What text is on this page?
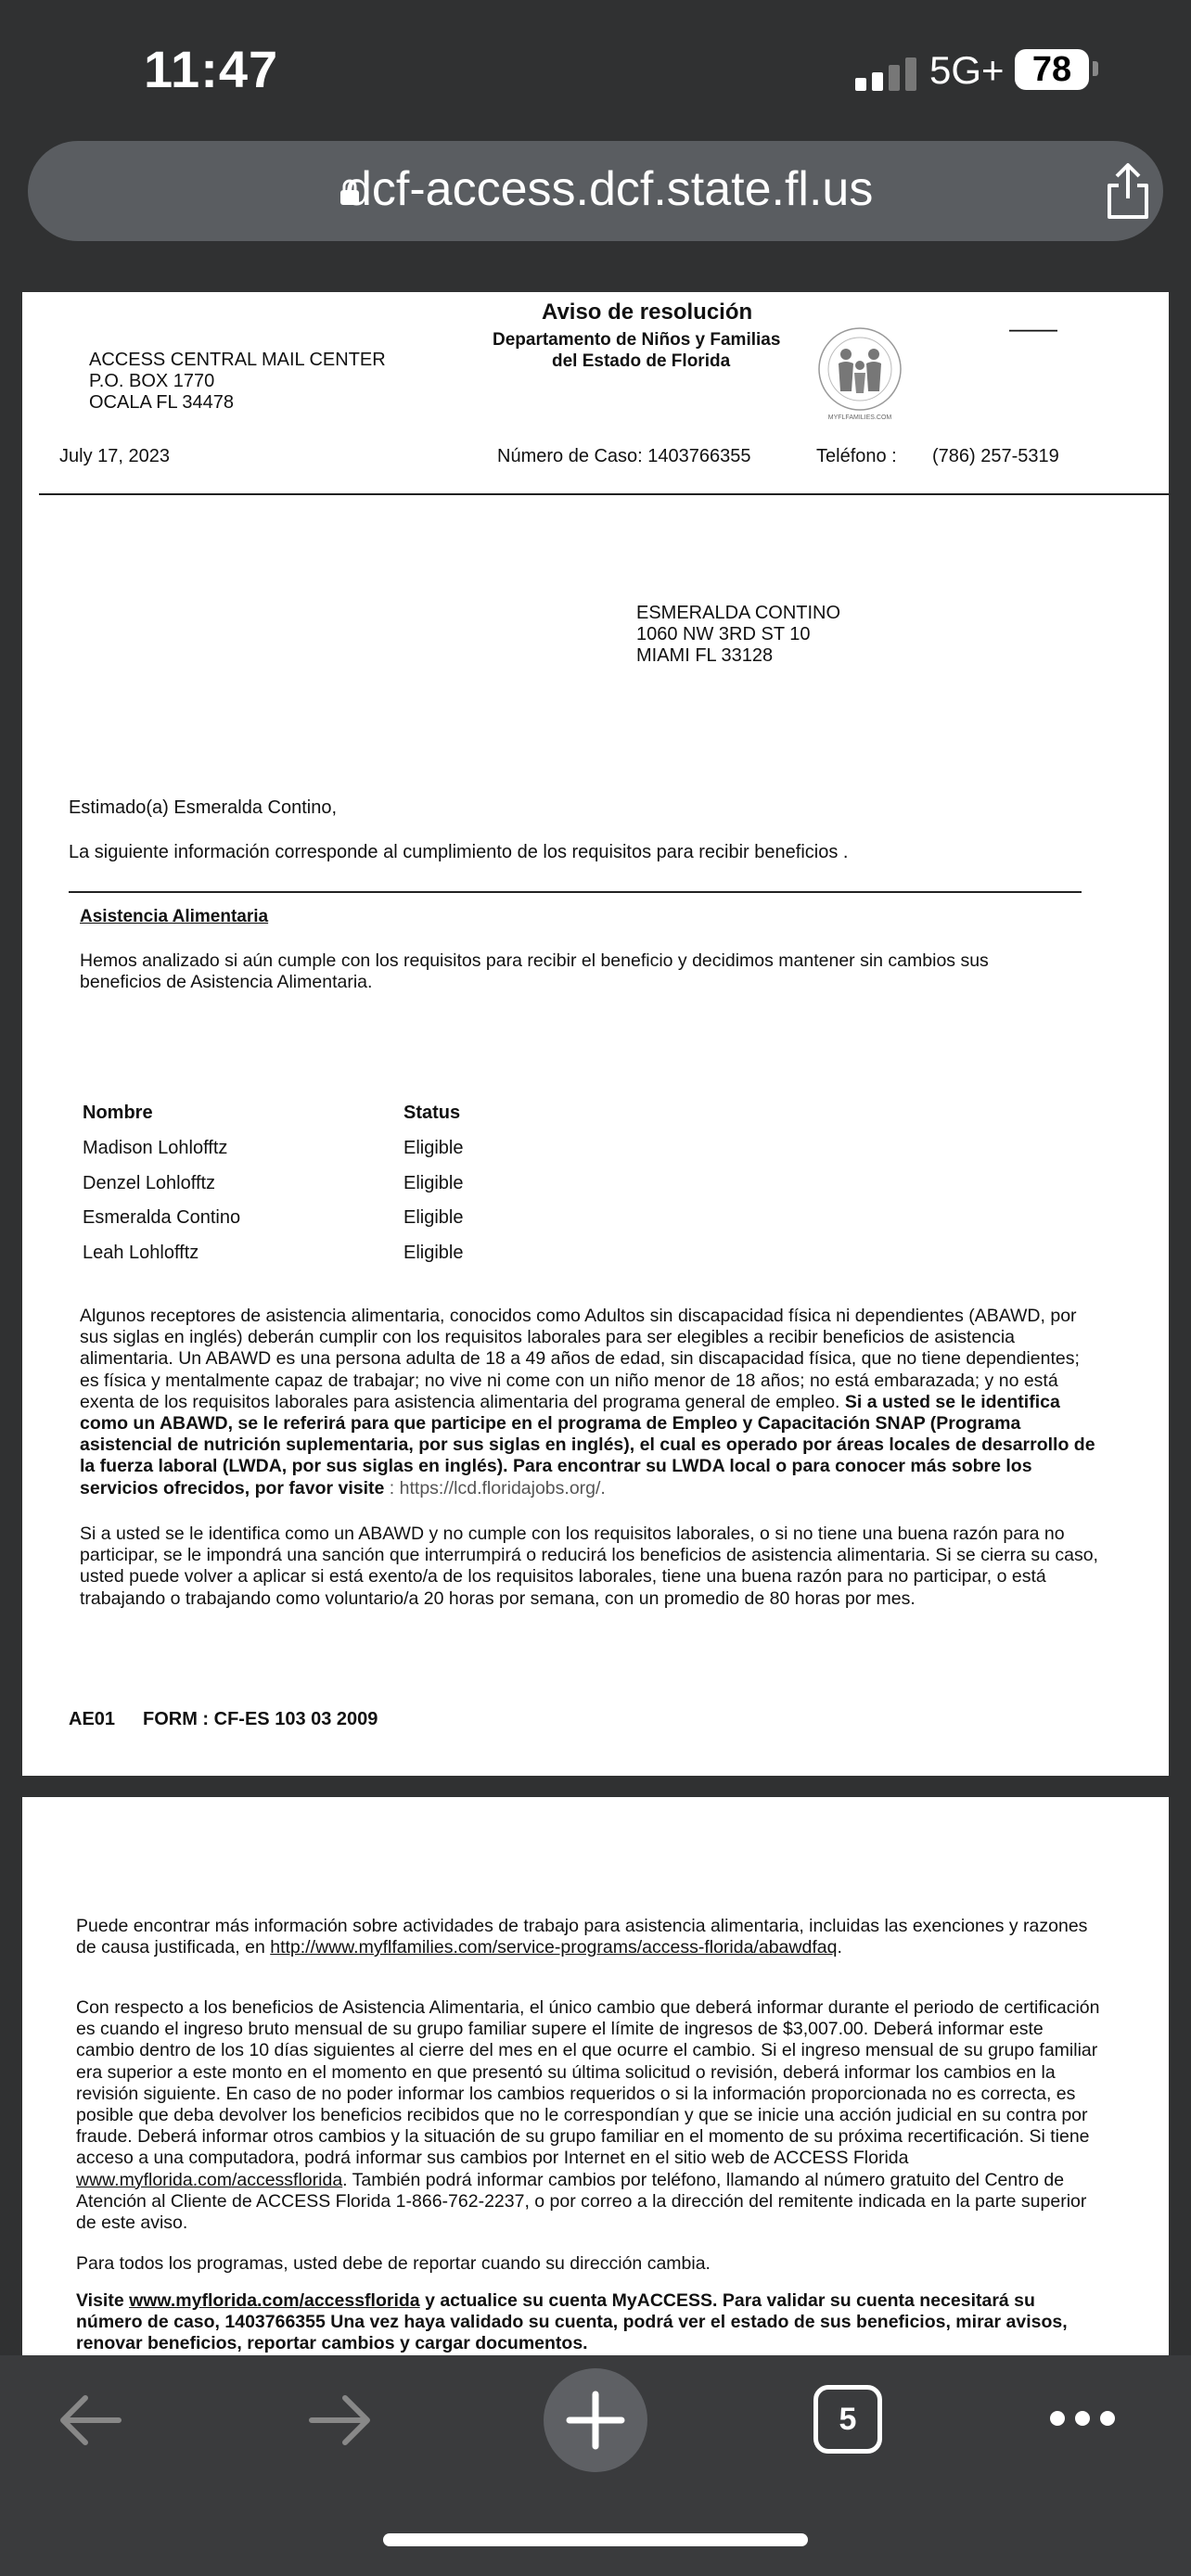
11:47	5G+ 78
dcf-access.dcf.state.fl.us
Aviso de resolución
Departamento de Niños y Familias
del Estado de Florida
ACCESS CENTRAL MAIL CENTER
P.O. BOX 1770
OCALA FL 34478
MYFLFAMILIES.COM
——
July 17, 2023	Número de Caso: 1403766355	Teléfono : (786) 257-5319
ESMERALDA CONTINO
1060 NW 3RD ST 10
MIAMI FL 33128
Estimado(a) Esmeralda Contino,
La siguiente información corresponde al cumplimiento de los requisitos para recibir beneficios .
Asistencia Alimentaria
Hemos analizado si aún cumple con los requisitos para recibir el beneficio y decidimos mantener sin cambios sus beneficios de Asistencia Alimentaria.
Nombre	Status
Madison Lohlofftz	Eligible
Denzel Lohlofftz	Eligible
Esmeralda Contino	Eligible
Leah Lohlofftz	Eligible
Algunos receptores de asistencia alimentaria, conocidos como Adultos sin discapacidad física ni dependientes (ABAWD, por sus siglas en inglés) deberán cumplir con los requisitos laborales para ser elegibles a recibir beneficios de asistencia alimentaria. Un ABAWD es una persona adulta de 18 a 49 años de edad, sin discapacidad física, que no tiene dependientes; es física y mentalmente capaz de trabajar; no vive ni come con un niño menor de 18 años; no está embarazada; y no está exenta de los requisitos laborales para asistencia alimentaria del programa general de empleo. Si a usted se le identifica como un ABAWD, se le referirá para que participe en el programa de Empleo y Capacitación SNAP (Programa asistencial de nutrición suplementaria, por sus siglas en inglés), el cual es operado por áreas locales de desarrollo de la fuerza laboral (LWDA, por sus siglas en inglés). Para encontrar su LWDA local o para conocer más sobre los servicios ofrecidos, por favor visite : https://lcd.floridajobs.org/.
Si a usted se le identifica como un ABAWD y no cumple con los requisitos laborales, o si no tiene una buena razón para no participar, se le impondrá una sanción que interrumpirá o reducirá los beneficios de asistencia alimentaria. Si se cierra su caso, usted puede volver a aplicar si está exento/a de los requisitos laborales, tiene una buena razón para no participar, o está trabajando o trabajando como voluntario/a 20 horas por semana, con un promedio de 80 horas por mes.
AE01 FORM : CF-ES 103 03 2009
Puede encontrar más información sobre actividades de trabajo para asistencia alimentaria, incluidas las exenciones y razones de causa justificada, en http://www.myflfamilies.com/service-programs/access-florida/abawdfaq.
Con respecto a los beneficios de Asistencia Alimentaria, el único cambio que deberá informar durante el periodo de certificación es cuando el ingreso bruto mensual de su grupo familiar supere el límite de ingresos de $3,007.00. Deberá informar este cambio dentro de los 10 días siguientes al cierre del mes en el que ocurre el cambio. Si el ingreso mensual de su grupo familiar era superior a este monto en el momento en que presentó su última solicitud o revisión, deberá informar los cambios en la revisión siguiente. En caso de no poder informar los cambios requeridos o si la información proporcionada no es correcta, es posible que deba devolver los beneficios recibidos que no le correspondían y que se inicie una acción judicial en su contra por fraude. Deberá informar otros cambios y la situación de su grupo familiar en el momento de su próxima recertificación. Si tiene acceso a una computadora, podrá informar sus cambios por Internet en el sitio web de ACCESS Florida www.myflorida.com/accessflorida. También podrá informar cambios por teléfono, llamando al número gratuito del Centro de Atención al Cliente de ACCESS Florida 1-866-762-2237, o por correo a la dirección del remitente indicada en la parte superior de este aviso.
Para todos los programas, usted debe de reportar cuando su dirección cambia.
Visite www.myflorida.com/accessflorida y actualice su cuenta MyACCESS. Para validar su cuenta necesitará su número de caso, 1403766355 Una vez haya validado su cuenta, podrá ver el estado de sus beneficios, mirar avisos, renovar beneficios, reportar cambios y cargar documentos.
5
